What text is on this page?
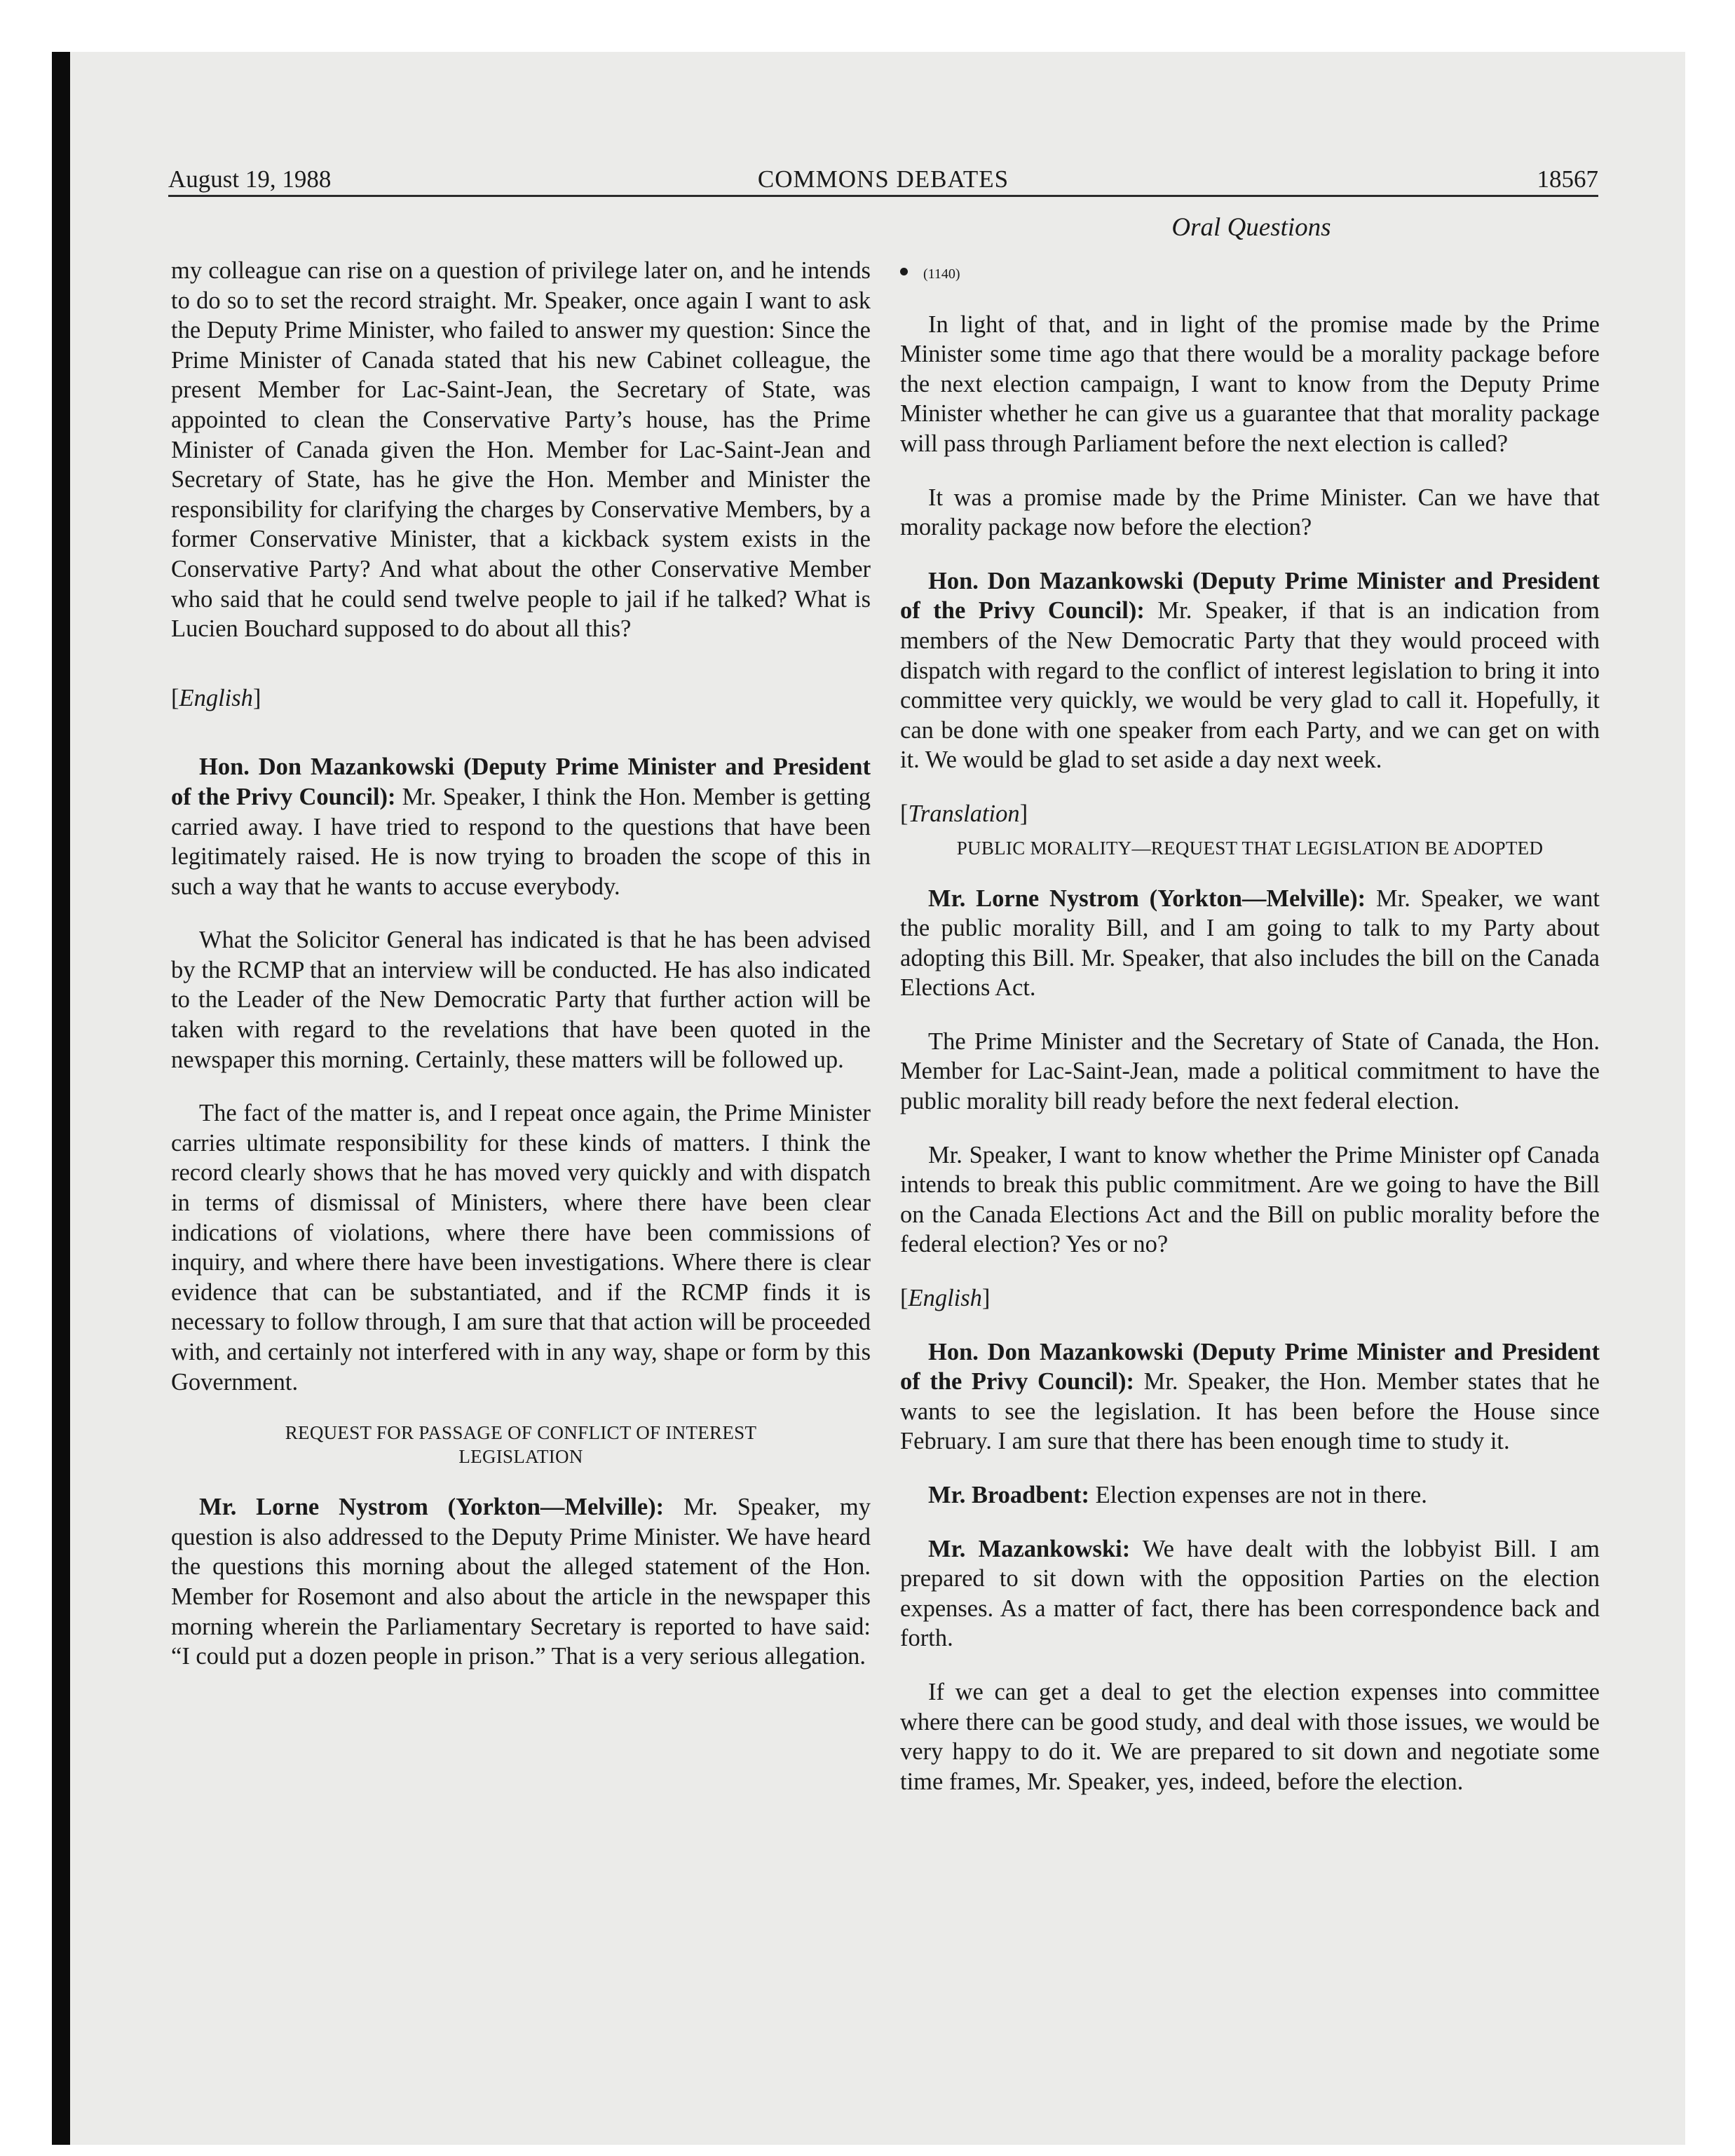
August 19, 1988	COMMONS DEBATES	18567
Oral Questions

my colleague can rise on a question of privilege later on, and he intends to do so to set the record straight. Mr. Speaker, once again I want to ask the Deputy Prime Minister, who failed to answer my question: Since the Prime Minister of Canada stated that his new Cabinet colleague, the present Member for Lac-Saint-Jean, the Secretary of State, was appointed to clean the Conservative Party’s house, has the Prime Minister of Canada given the Hon. Member for Lac-Saint-Jean and Secretary of State, has he give the Hon. Member and Minister the responsibility for clarifying the charges by Conservative Members, by a former Conservative Minister, that a kickback system exists in the Conservative Party? And what about the other Conservative Member who said that he could send twelve people to jail if he talked? What is Lucien Bouchard supposed to do about all this?

[English]

Hon. Don Mazankowski (Deputy Prime Minister and President of the Privy Council): Mr. Speaker, I think the Hon. Member is getting carried away. I have tried to respond to the questions that have been legitimately raised. He is now trying to broaden the scope of this in such a way that he wants to accuse everybody.

What the Solicitor General has indicated is that he has been advised by the RCMP that an interview will be conducted. He has also indicated to the Leader of the New Democratic Party that further action will be taken with regard to the revelations that have been quoted in the newspaper this morning. Certainly, these matters will be followed up.

The fact of the matter is, and I repeat once again, the Prime Minister carries ultimate responsibility for these kinds of matters. I think the record clearly shows that he has moved very quickly and with dispatch in terms of dismissal of Ministers, where there have been clear indications of violations, where there have been commissions of inquiry, and where there have been investigations. Where there is clear evidence that can be substantiated, and if the RCMP finds it is necessary to follow through, I am sure that that action will be proceeded with, and certainly not interfered with in any way, shape or form by this Government.

REQUEST FOR PASSAGE OF CONFLICT OF INTEREST
LEGISLATION

Mr. Lorne Nystrom (Yorkton—Melville): Mr. Speaker, my question is also addressed to the Deputy Prime Minister. We have heard the questions this morning about the alleged statement of the Hon. Member for Rosemont and also about the article in the newspaper this morning wherein the Parliamentary Secretary is reported to have said: “I could put a dozen people in prison.” That is a very serious allegation.

(1140)

In light of that, and in light of the promise made by the Prime Minister some time ago that there would be a morality package before the next election campaign, I want to know from the Deputy Prime Minister whether he can give us a guarantee that that morality package will pass through Parliament before the next election is called?

It was a promise made by the Prime Minister. Can we have that morality package now before the election?

Hon. Don Mazankowski (Deputy Prime Minister and President of the Privy Council): Mr. Speaker, if that is an indication from members of the New Democratic Party that they would proceed with dispatch with regard to the conflict of interest legislation to bring it into committee very quickly, we would be very glad to call it. Hopefully, it can be done with one speaker from each Party, and we can get on with it. We would be glad to set aside a day next week.

[Translation]

PUBLIC MORALITY—REQUEST THAT LEGISLATION BE ADOPTED

Mr. Lorne Nystrom (Yorkton—Melville): Mr. Speaker, we want the public morality Bill, and I am going to talk to my Party about adopting this Bill. Mr. Speaker, that also includes the bill on the Canada Elections Act.

The Prime Minister and the Secretary of State of Canada, the Hon. Member for Lac-Saint-Jean, made a political commitment to have the public morality bill ready before the next federal election.

Mr. Speaker, I want to know whether the Prime Minister opf Canada intends to break this public commitment. Are we going to have the Bill on the Canada Elections Act and the Bill on public morality before the federal election? Yes or no?

[English]

Hon. Don Mazankowski (Deputy Prime Minister and President of the Privy Council): Mr. Speaker, the Hon. Member states that he wants to see the legislation. It has been before the House since February. I am sure that there has been enough time to study it.

Mr. Broadbent: Election expenses are not in there.

Mr. Mazankowski: We have dealt with the lobbyist Bill. I am prepared to sit down with the opposition Parties on the election expenses. As a matter of fact, there has been correspondence back and forth.

If we can get a deal to get the election expenses into committee where there can be good study, and deal with those issues, we would be very happy to do it. We are prepared to sit down and negotiate some time frames, Mr. Speaker, yes, indeed, before the election.
